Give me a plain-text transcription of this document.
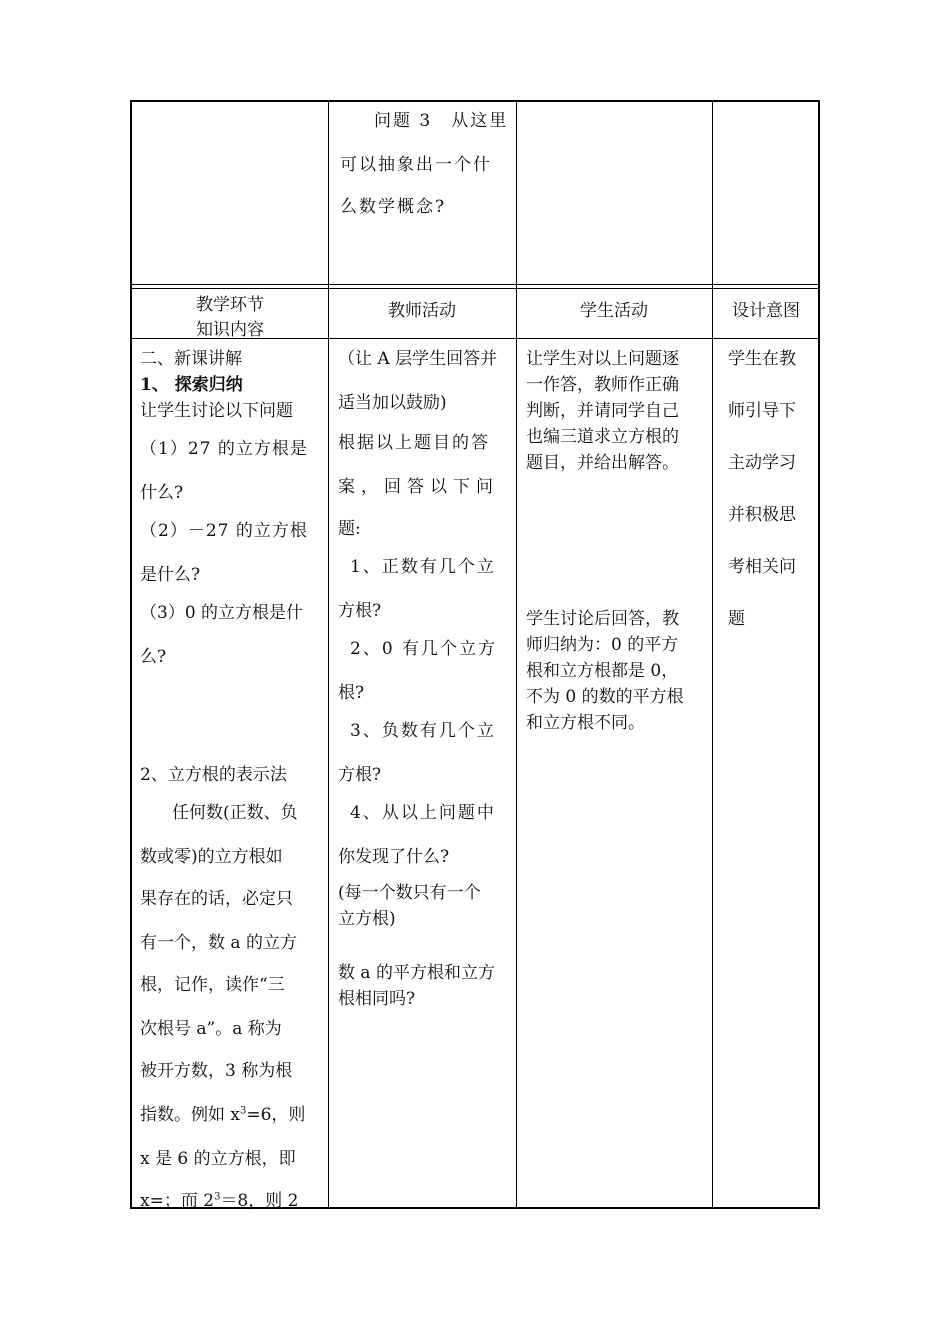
问题 3　从这里
可以抽象出一个什
么数学概念?
教学环节
知识内容
教师活动	学生活动	设计意图
二、新课讲解
1、 探索归纳
让学生讨论以下问题
（1）27 的立方根是
什么?
（2）－27 的立方根
是什么?
（3）0 的立方根是什
么?
2、立方根的表示法
任何数(正数、负
数或零)的立方根如
果存在的话，必定只
有一个，数 a 的立方
根，记作，读作“三
次根号 a”。a 称为
被开方数，3 称为根
指数。例如 $x^3=6$，则
x 是 6 的立方根，即
x=；而 $2^3=8$，则 2
（让 A 层学生回答并
适当加以鼓励)
根据以上题目的答
案，回答以下问
题:
1、正数有几个立
方根?
2、0 有几个立方
根?
3、负数有几个立
方根?
4、从以上问题中
你发现了什么?
(每一个数只有一个
立方根)
数 a 的平方根和立方
根相同吗?
让学生对以上问题逐
一作答，教师作正确
判断，并请同学自己
也编三道求立方根的
题目，并给出解答。
学生讨论后回答，教
师归纳为：0 的平方
根和立方根都是 0，
不为 0 的数的平方根
和立方根不同。
学生在教
师引导下
主动学习
并积极思
考相关问
题
